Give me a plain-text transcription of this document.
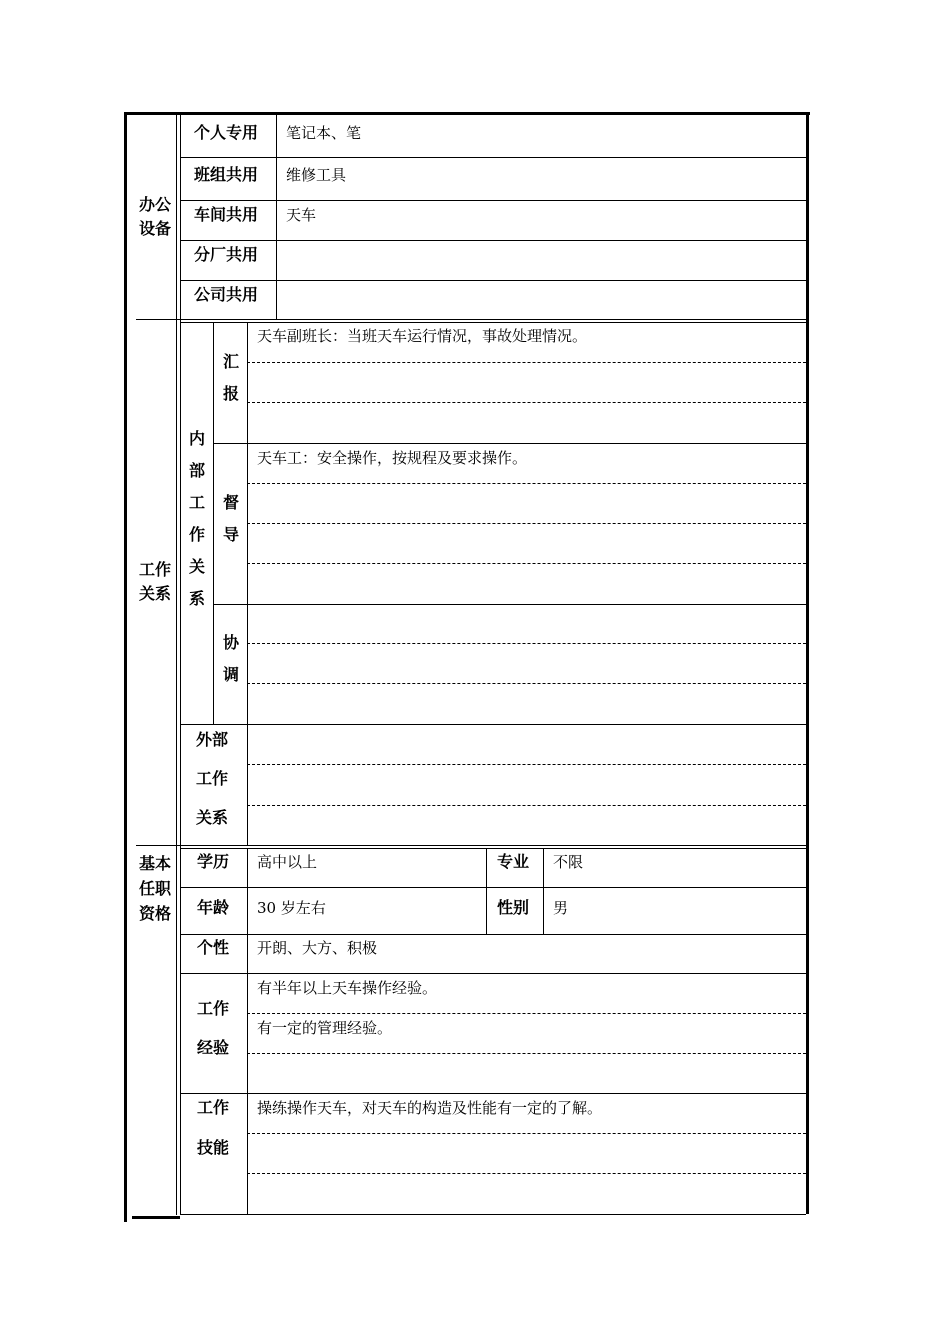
办公设备
个人专用 笔记本、笔
班组共用 维修工具
车间共用 天车
分厂共用
公司共用
工作关系
内部工作关系
汇报
天车副班长：当班天车运行情况，事故处理情况。
督导
天车工：安全操作，按规程及要求操作。
协调
外部
工作
关系
基本任职资格
学历 高中以上	专业 不限
年龄 30 岁左右	性别 男
个性 开朗、大方、积极
工作
经验
有半年以上天车操作经验。
有一定的管理经验。
工作
技能
操练操作天车，对天车的构造及性能有一定的了解。
